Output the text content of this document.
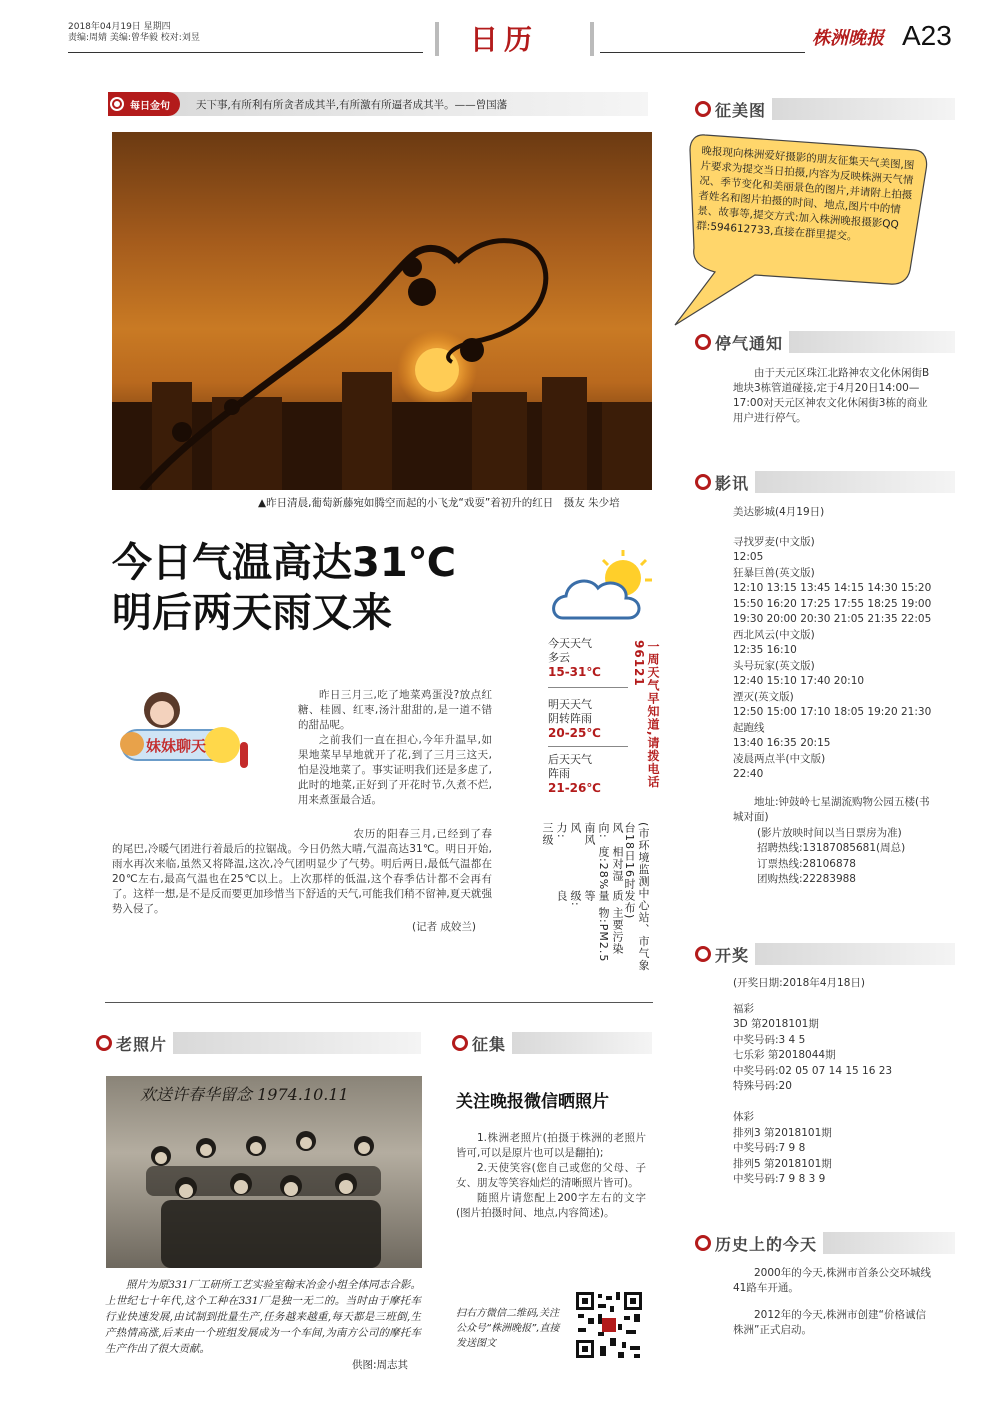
2018年04月19日 星期四
责编:周婧 美编:曾华毅 校对:刘昱	日历	株洲晚报 A23
每日金句 天下事,有所利有所贪者成其半,有所激有所逼者成其半。——曾国藩
▲昨日清晨,葡萄新藤宛如腾空而起的小飞龙“戏耍”着初升的红日　摄友 朱少培
今日气温高达31℃
明后两天雨又来
妹妹聊天

昨日三月三,吃了地菜鸡蛋没?放点红糖、桂圆、红枣,汤汁甜甜的,是一道不错的甜品呢。

之前我们一直在担心,今年升温早,如果地菜早早地就开了花,到了三月三这天,怕是没地菜了。事实证明我们还是多虑了,此时的地菜,正好到了开花时节,久煮不烂,用来煮蛋最合适。

农历的阳春三月,已经到了春的尾巴,冷暖气团进行着最后的拉锯战。今日仍然大晴,气温高达31℃。明日开始,雨水再次来临,虽然又将降温,这次,冷气团明显少了气势。明后两日,最低气温都在20℃左右,最高气温也在25℃以上。上次那样的低温,这个春季估计都不会再有了。这样一想,是不是反而要更加珍惜当下舒适的天气,可能我们稍不留神,夏天就强势入侵了。

(记者 成姣兰)
今天天气
多云
15-31℃
明天天气
阴转阵雨
20-25℃
后天天气
阵雨
21-26℃
主要污染物:PM2.5
质量等级:良
相对湿度:28%
风向:南风　风力:三级	(市环境监测中心站、市气象台18日16时发布)
一周天气早知道,请拨电话96121
征美图
晚报现向株洲爱好摄影的朋友征集天气美图,图片要求为提交当日拍摄,内容为反映株洲天气情况、季节变化和美丽景色的图片,并请附上拍摄者姓名和图片拍摄的时间、地点,图片中的情景、故事等,提交方式:加入株洲晚报摄影QQ群:594612733,直接在群里提交。
停气通知
由于天元区珠江北路神农文化休闲街B地块3栋管道碰接,定于4月20日14:00—17:00对天元区神农文化休闲街3栋的商业用户进行停气。
影讯
美达影城(4月19日)
寻找罗麦(中文版)
12:05
狂暴巨兽(英文版)
12:10 13:15 13:45 14:15 14:30 15:20
15:50 16:20 17:25 17:55 18:25 19:00
19:30 20:00 20:30 21:05 21:35 22:05
西北风云(中文版)
12:35 16:10
头号玩家(英文版)
12:40 15:10 17:40 20:10
湮灭(英文版)
12:50 15:00 17:10 18:05 19:20 21:30
起跑线
13:40 16:35 20:15
凌晨两点半(中文版)
22:40
地址:钟鼓岭七星湖流购物公园五楼(书城对面)
(影片放映时间以当日票房为准)
招聘热线:13187085681(周总)
订票热线:28106878
团购热线:22283988
开奖
(开奖日期:2018年4月18日)
福彩
3D 第2018101期
中奖号码:3 4 5
七乐彩 第2018044期
中奖号码:02 05 07 14 15 16 23
特殊号码:20
体彩
排列3 第2018101期
中奖号码:7 9 8
排列5 第2018101期
中奖号码:7 9 8 3 9
历史上的今天

2000年的今天,株洲市首条公交环城线41路车开通。

2012年的今天,株洲市创建“价格诚信株洲”正式启动。

老照片
欢送许春华留念 1974.10.11
照片为原331厂工研所工艺实验室翰末冶金小组全体同志合影。上世纪七十年代,这个工种在331厂是独一无二的。当时由于摩托车行业快速发展,由试制到批量生产,任务越来越重,每天都是三班倒,生产热情高涨,后来由一个班组发展成为一个车间,为南方公司的摩托车生产作出了很大贡献。
供图:周志其
征集
关注晚报微信晒照片

1.株洲老照片(拍摄于株洲的老照片皆可,可以是原片也可以是翻拍);

2.天使笑容(您自己或您的父母、子女、朋友等笑容灿烂的清晰照片皆可)。

随照片请您配上200字左右的文字(图片拍摄时间、地点,内容简述)。

扫右方微信二维码,关注公众号“株洲晚报”,直接发送图文
